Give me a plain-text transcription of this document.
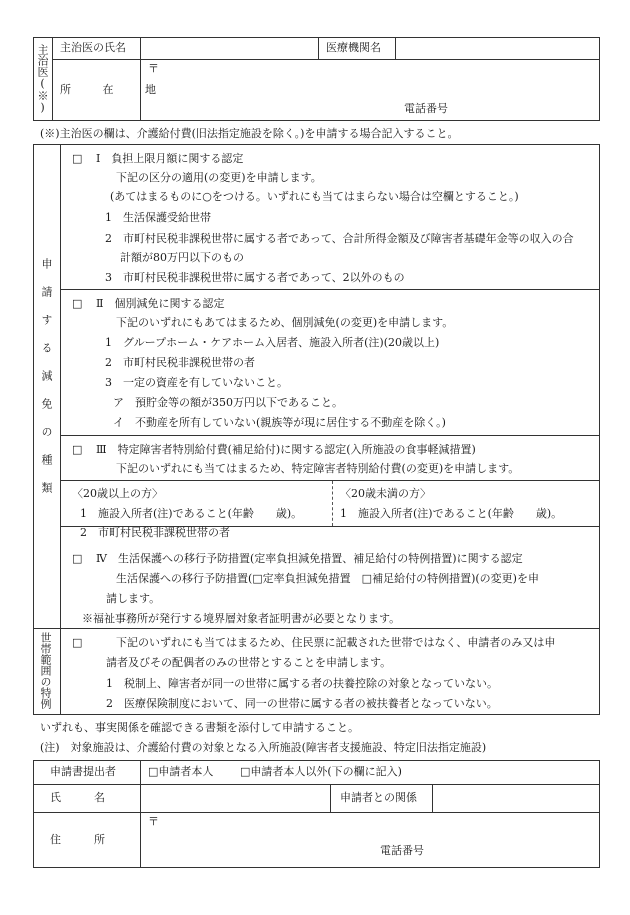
主治医(※) 主治医の氏名	医療機関名
所 在 地
〒
電話番号
(※)主治医の欄は、介護給付費(旧法指定施設を除く。)を申請する場合記入すること。
申請する減免の種類
世帯範囲の特例
□ Ⅰ　負担上限月額に関する認定
下記の区分の適用(の変更)を申請します。
(あてはまるものに○をつける。いずれにも当てはまらない場合は空欄とすること。)
1　生活保護受給世帯
2　市町村民税非課税世帯に属する者であって、合計所得金額及び障害者基礎年金等の収入の合
計額が80万円以下のもの
3　市町村民税非課税世帯に属する者であって、2以外のもの
□ Ⅱ　個別減免に関する認定
下記のいずれにもあてはまるため、個別減免(の変更)を申請します。
1　グループホーム・ケアホーム入居者、施設入所者(注)(20歳以上)
2　市町村民税非課税世帯の者
3　一定の資産を有していないこと。
ア　預貯金等の額が350万円以下であること。
イ　不動産を所有していない(親族等が現に居住する不動産を除く。)
□ Ⅲ　特定障害者特別給付費(補足給付)に関する認定(入所施設の食事軽減措置)
下記のいずれにも当てはまるため、特定障害者特別給付費(の変更)を申請します。
〈20歳以上の方〉
1　施設入所者(注)であること(年齢　　歳)。
2　市町村民税非課税世帯の者
〈20歳未満の方〉
1　施設入所者(注)であること(年齢　　歳)。
□ Ⅳ　生活保護への移行予防措置(定率負担減免措置、補足給付の特例措置)に関する認定
生活保護への移行予防措置(□定率負担減免措置　□補足給付の特例措置)(の変更)を申
請します。
※福祉事務所が発行する境界層対象者証明書が必要となります。
□	下記のいずれにも当てはまるため、住民票に記載された世帯ではなく、申請者のみ又は申
請者及びその配偶者のみの世帯とすることを申請します。
1　税制上、障害者が同一の世帯に属する者の扶養控除の対象となっていない。
2　医療保険制度において、同一の世帯に属する者の被扶養者となっていない。
いずれも、事実関係を確認できる書類を添付して申請すること。
(注)　対象施設は、介護給付費の対象となる入所施設(障害者支援施設、特定旧法指定施設)
申請書提出者	□申請者本人 □申請者本人以外(下の欄に記入)
氏　　　名	申請者との関係
住　　　所
〒
電話番号
